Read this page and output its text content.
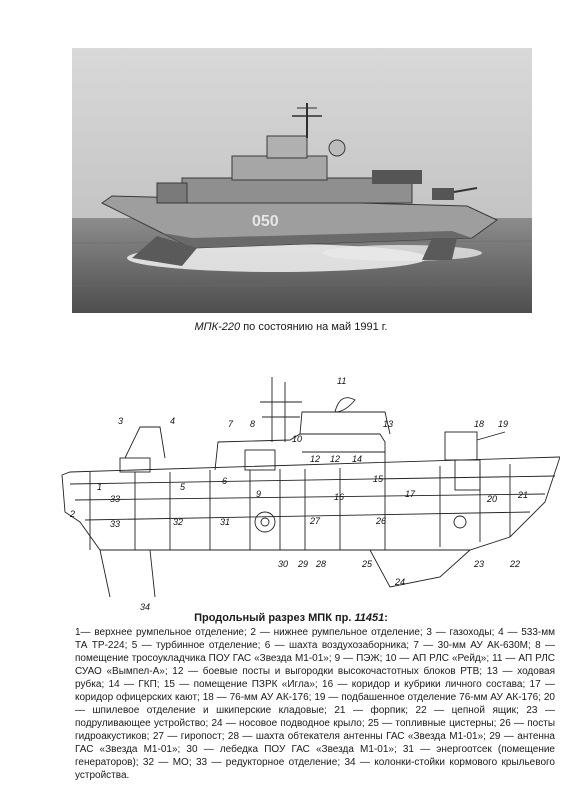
050
МПК-220 по состоянию на май 1991 г.
1
2
3	4
5
6
7 8
9
10
11
12 12
13
14
15
16	17
18 19
20 21
22
23
24
25
26
27
28
29
30
31
32
33
33
34
Продольный разрез МПК пр. 11451:

1— верхнее румпельное отделение; 2 — нижнее румпельное отделение; 3 — газоходы; 4 — 533-мм ТА ТР-224; 5 — турбинное отделение; 6 — шахта воздухозаборника; 7 — 30-мм АУ АК-630М; 8 — помещение тросоукладчика ПОУ ГАС «Звезда М1-01»; 9 — ПЭЖ; 10 — АП РЛС «Рейд»; 11 — АП РЛС СУАО «Вымпел-А»; 12 — боевые посты и выгородки высокочастотных блоков РТВ; 13 — ходовая рубка; 14 — ГКП; 15 — помещение ПЗРК «Игла»; 16 — коридор и кубрики личного состава; 17 — коридор офицерских кают; 18 — 76-мм АУ АК-176; 19 — подбашенное отделение 76-мм АУ АК-176; 20 — шпилевое отделение и шкиперские кладовые; 21 — форпик; 22 — цепной ящик; 23 — подруливающее устройство; 24 — носовое подводное крыло; 25 — топливные цистерны; 26 — посты гидроакустиков; 27 — гиропост; 28 — шахта обтекателя антенны ГАС «Звезда М1-01»; 29 — антенна ГАС «Звезда М1-01»; 30 — лебедка ПОУ ГАС «Звезда М1-01»; 31 — энергоотсек (помещение генераторов); 32 — МО; 33 — редукторное отделение; 34 — колонки-стойки кормового крыльевого устройства.
